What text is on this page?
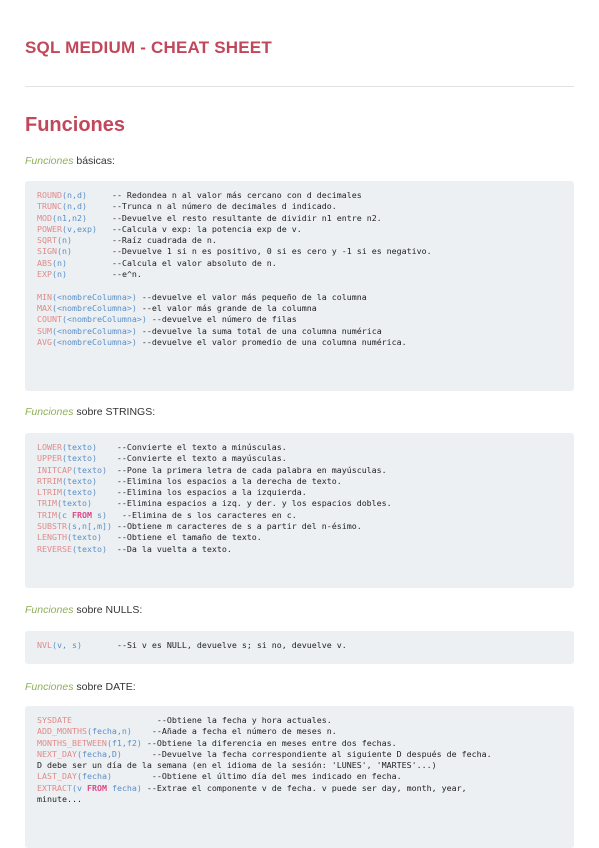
SQL MEDIUM - CHEAT SHEET
Funciones
Funciones básicas:
ROUND(n,d)     -- Redondea n al valor más cercano con d decimales
TRUNC(n,d)     --Trunca n al número de decimales d indicado.
MOD(n1,n2)     --Devuelve el resto resultante de dividir n1 entre n2.
POWER(v,exp)   --Calcula v exp: la potencia exp de v.
SQRT(n)        --Raíz cuadrada de n.
SIGN(n)        --Devuelve 1 si n es positivo, 0 si es cero y -1 si es negativo.
ABS(n)         --Calcula el valor absoluto de n.
EXP(n)         --e^n.
MIN(<nombreColumna>) --devuelve el valor más pequeño de la columna
MAX(<nombreColumna>) --el valor más grande de la columna
COUNT(<nombreColumna>) --devuelve el número de filas
SUM(<nombreColumna>) --devuelve la suma total de una columna numérica
AVG(<nombreColumna>) --devuelve el valor promedio de una columna numérica.
Funciones sobre STRINGS:
LOWER(texto)    --Convierte el texto a minúsculas.
UPPER(texto)    --Convierte el texto a mayúsculas.
INITCAP(texto)  --Pone la primera letra de cada palabra en mayúsculas.
RTRIM(texto)    --Elimina los espacios a la derecha de texto.
LTRIM(texto)    --Elimina los espacios a la izquierda.
TRIM(texto)     --Elimina espacios a izq. y der. y los espacios dobles.
TRIM(c FROM s)   --Elimina de s los caracteres en c.
SUBSTR(s,n[,m]) --Obtiene m caracteres de s a partir del n-ésimo.
LENGTH(texto)   --Obtiene el tamaño de texto.
REVERSE(texto)  --Da la vuelta a texto.
Funciones sobre NULLS:
NVL(v, s)       --Si v es NULL, devuelve s; si no, devuelve v.
Funciones sobre DATE:
SYSDATE                 --Obtiene la fecha y hora actuales.
ADD_MONTHS(fecha,n)    --Añade a fecha el número de meses n.
MONTHS_BETWEEN(f1,f2) --Obtiene la diferencia en meses entre dos fechas.
NEXT_DAY(fecha,D)      --Devuelve la fecha correspondiente al siguiente D después de fecha.
D debe ser un día de la semana (en el idioma de la sesión: 'LUNES', 'MARTES'...)
LAST_DAY(fecha)        --Obtiene el último día del mes indicado en fecha.
EXTRACT(v FROM fecha) --Extrae el componente v de fecha. v puede ser day, month, year,
minute...
